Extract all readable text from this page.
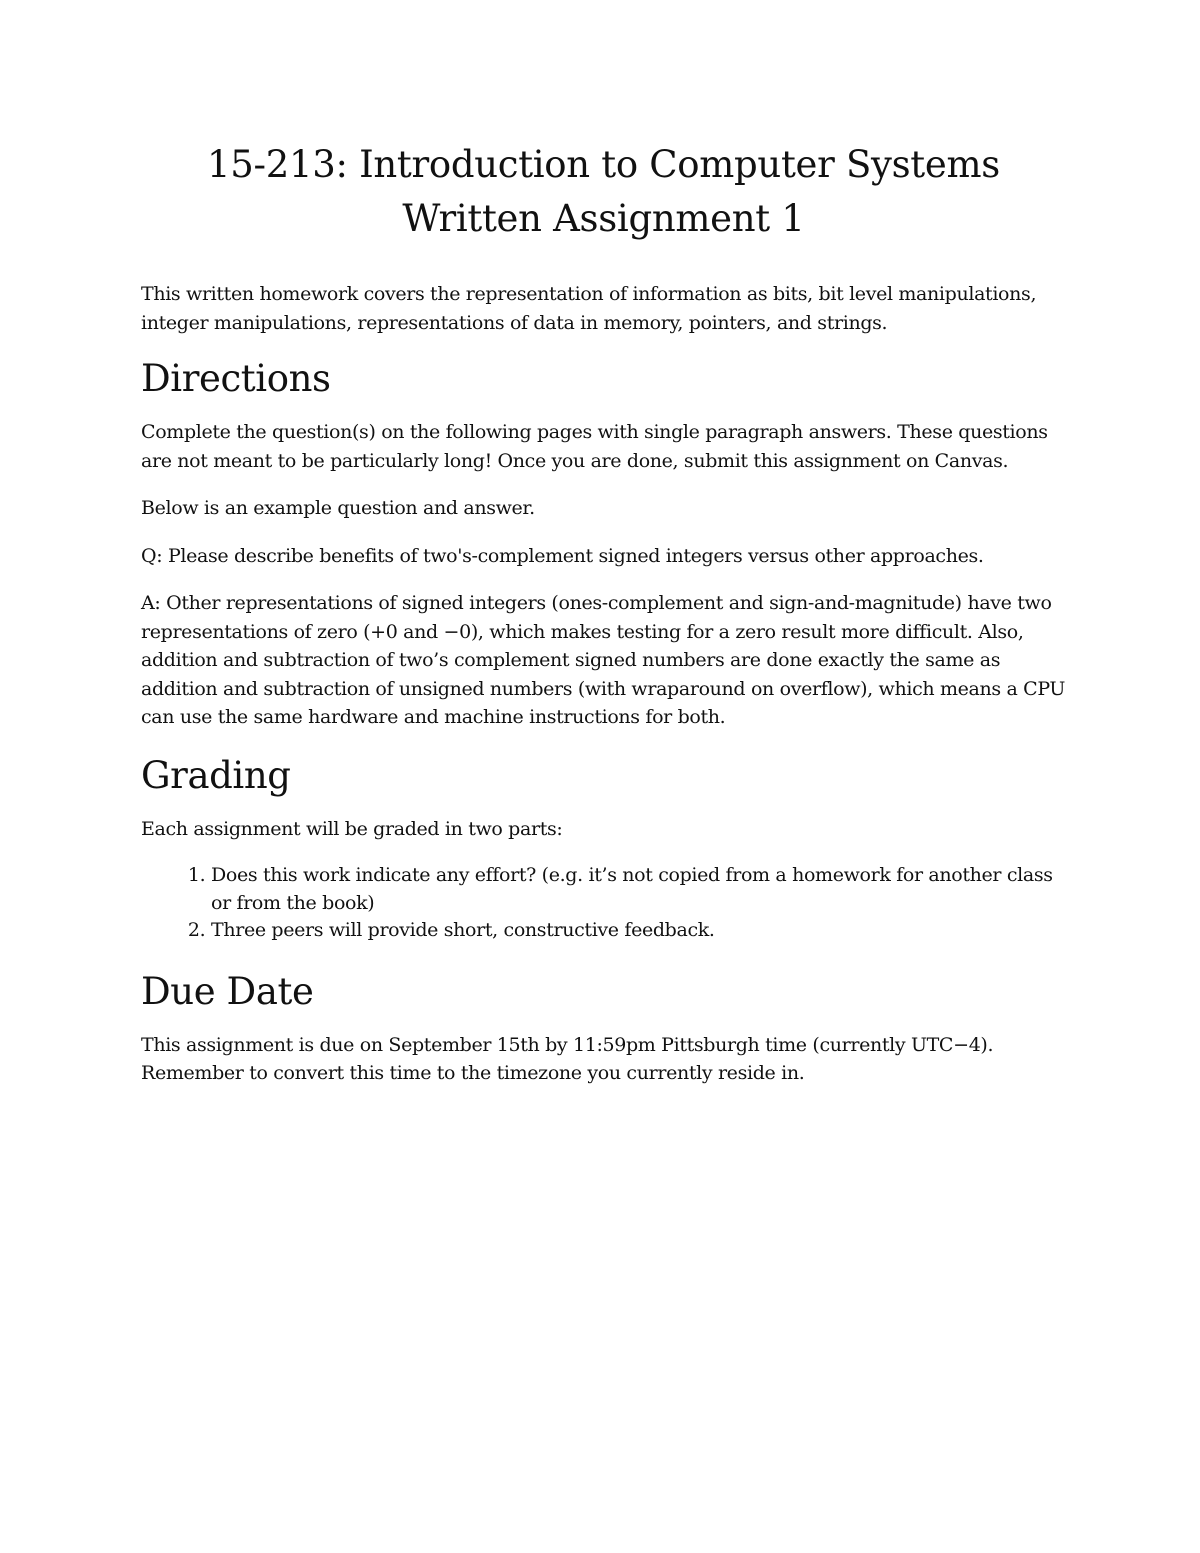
15-213: Introduction to Computer Systems
Written Assignment 1

This written homework covers the representation of information as bits, bit level manipulations, integer manipulations, representations of data in memory, pointers, and strings.

Directions

Complete the question(s) on the following pages with single paragraph answers. These questions are not meant to be particularly long! Once you are done, submit this assignment on Canvas.

Below is an example question and answer.

Q: Please describe benefits of two's-complement signed integers versus other approaches.

A: Other representations of signed integers (ones-complement and sign-and-magnitude) have two representations of zero (+0 and −0), which makes testing for a zero result more difficult. Also, addition and subtraction of two’s complement signed numbers are done exactly the same as addition and subtraction of unsigned numbers (with wraparound on overflow), which means a CPU can use the same hardware and machine instructions for both.

Grading

Each assignment will be graded in two parts:

1. Does this work indicate any effort? (e.g. it’s not copied from a homework for another class or from the book)
2. Three peers will provide short, constructive feedback.
Due Date

This assignment is due on September 15th by 11:59pm Pittsburgh time (currently UTC−4). Remember to convert this time to the timezone you currently reside in.
